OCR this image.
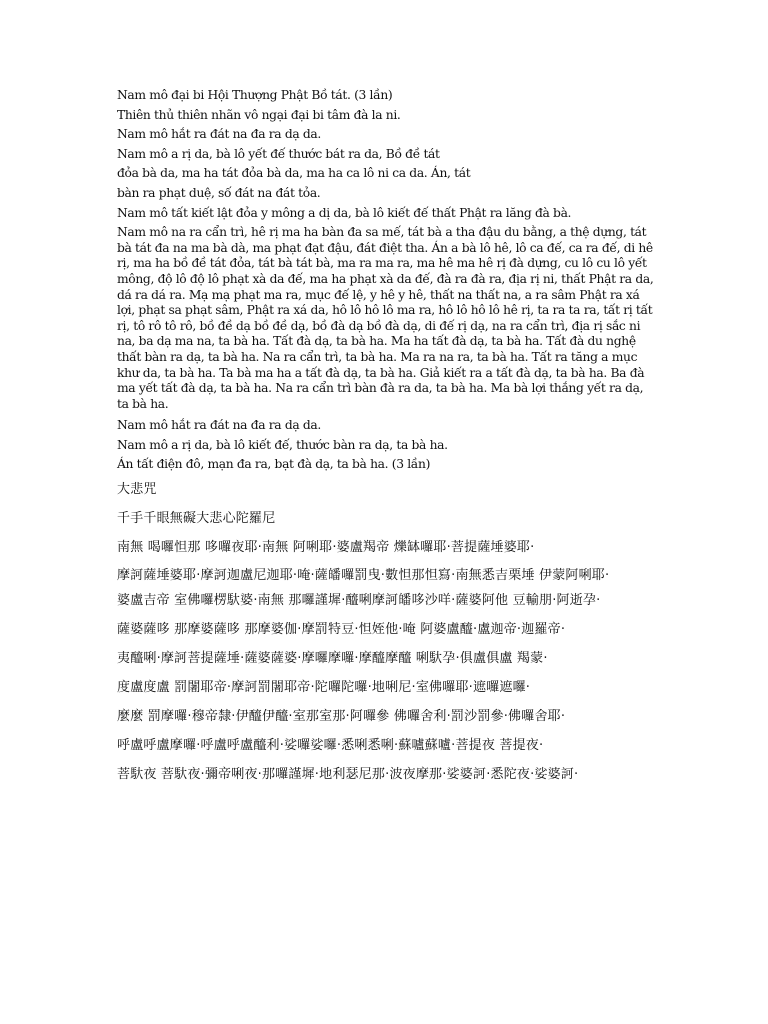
Nam mô đại bi Hội Thượng Phật Bồ tát. (3 lần)

Thiên thủ thiên nhãn vô ngại đại bi tâm đà la ni.

Nam mô hắt ra đát na đa ra dạ da.

Nam mô a rị da, bà lô yết đế thước bát ra da, Bồ đề tát

đỏa bà da, ma ha tát đỏa bà da, ma ha ca lô ni ca da. Án, tát

bàn ra phạt duệ, số đát na đát tỏa.

Nam mô tất kiết lật đỏa y mông a dị da, bà lô kiết đế thất Phật ra lăng đà bà.

Nam mô na ra cẩn trì, hê rị ma ha bàn đa sa mế, tát bà a tha đậu du bằng, a thệ dựng, tát bà tát đa na ma bà dà, ma phạt đạt đậu, đát điệt tha. Án a bà lô hê, lô ca đế, ca ra đế, di hê rị, ma ha bồ đề tát đỏa, tát bà tát bà, ma ra ma ra, ma hê ma hê rị đà dựng, cu lô cu lô yết mông, độ lô độ lô phạt xà da đế, ma ha phạt xà da đế, đà ra đà ra, địa rị ni, thất Phật ra da, dá ra dá ra. Mạ mạ phạt ma ra, mục đế lệ, y hê y hê, thất na thất na, a ra sâm Phật ra xá lợi, phạt sa phạt sâm, Phật ra xá da, hô lô hô lô ma ra, hô lô hô lô hê rị, ta ra ta ra, tất rị tất rị, tô rô tô rô, bồ đề dạ bồ đề dạ, bồ đà dạ bồ đà dạ, di đế rị dạ, na ra cẩn trì, địa rị sắc ni na, ba dạ ma na, ta bà ha. Tất đà dạ, ta bà ha. Ma ha tất đà dạ, ta bà ha. Tất đà du nghệ thất bàn ra dạ, ta bà ha. Na ra cẩn trì, ta bà ha. Ma ra na ra, ta bà ha. Tất ra tăng a mục khư da, ta bà ha. Ta bà ma ha a tất đà dạ, ta bà ha. Giả kiết ra a tất đà dạ, ta bà ha. Ba đà ma yết tất đà dạ, ta bà ha. Na ra cẩn trì bàn đà ra da, ta bà ha. Ma bà lợi thắng yết ra dạ, ta bà ha.

Nam mô hắt ra đát na đa ra dạ da.

Nam mô a rị da, bà lô kiết đế, thước bàn ra dạ, ta bà ha.

Án tất điện đô, mạn đa ra, bạt đà dạ, ta bà ha. (3 lần)

大悲咒

千手千眼無礙大悲心陀羅尼

南無 喝囉怛那 哆囉夜耶·南無 阿唎耶·婆盧羯帝 爍缽囉耶·菩提薩埵婆耶·

摩訶薩埵婆耶·摩訶迦盧尼迦耶·唵·薩皤囉罰曳·數怛那怛寫·南無悉吉栗埵 伊蒙阿唎耶·

婆盧吉帝 室佛囉楞馱婆·南無 那囉謹墀·醯唎摩訶皤哆沙咩·薩婆阿他 豆輸朋·阿逝孕·

薩婆薩哆 那摩婆薩哆 那摩婆伽·摩罰特豆·怛姪他·唵 阿婆盧醯·盧迦帝·迦羅帝·

夷醯唎·摩訶菩提薩埵·薩婆薩婆·摩囉摩囉·摩醯摩醯 唎馱孕·俱盧俱盧 羯蒙·

度盧度盧 罰闍耶帝·摩訶罰闍耶帝·陀囉陀囉·地唎尼·室佛囉耶·遮囉遮囉·

麼麼 罰摩囉·穆帝隸·伊醯伊醯·室那室那·阿囉參 佛囉舍利·罰沙罰參·佛囉舍耶·

呼盧呼盧摩囉·呼盧呼盧醯利·娑囉娑囉·悉唎悉唎·蘇嚧蘇嚧·菩提夜 菩提夜·

菩馱夜 菩馱夜·彌帝唎夜·那囉謹墀·地利瑟尼那·波夜摩那·娑婆訶·悉陀夜·娑婆訶·
